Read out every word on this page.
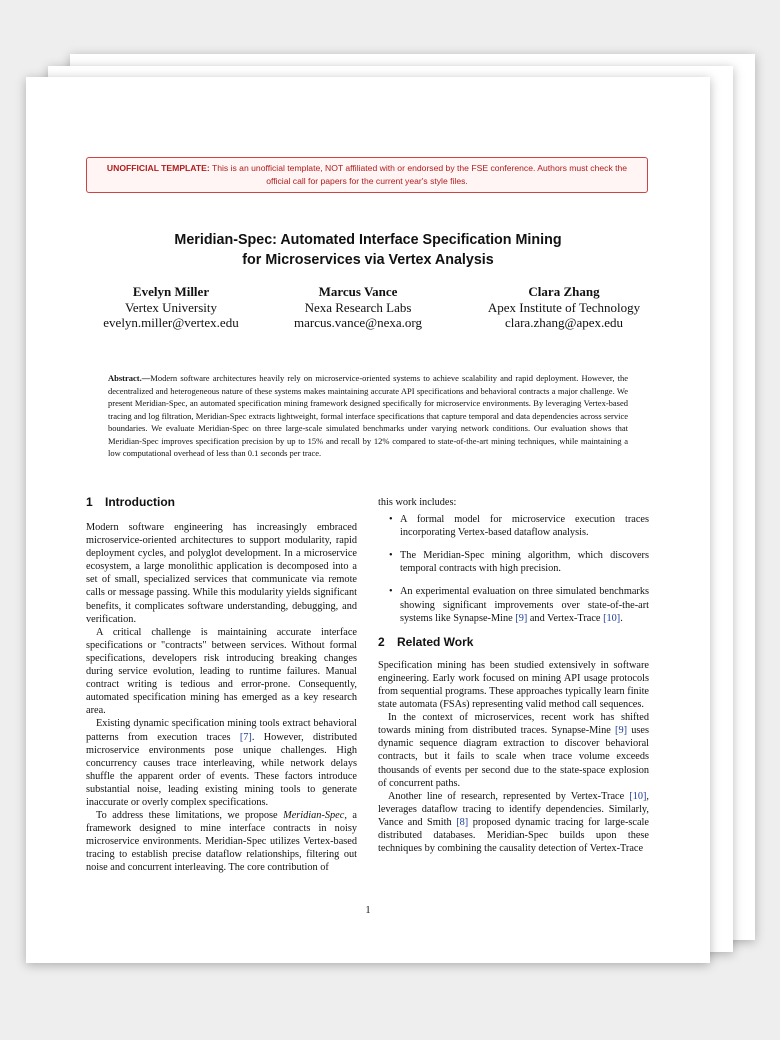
UNOFFICIAL TEMPLATE: This is an unofficial template, NOT affiliated with or endorsed by the FSE conference. Authors must check the official call for papers for the current year's style files.
Meridian-Spec: Automated Interface Specification Mining
for Microservices via Vertex Analysis
Evelyn Miller
Vertex University
evelyn.miller@vertex.edu
Marcus Vance
Nexa Research Labs
marcus.vance@nexa.org
Clara Zhang
Apex Institute of Technology
clara.zhang@apex.edu
Abstract.—Modern software architectures heavily rely on microservice-oriented systems to achieve scalability and rapid deployment. However, the decentralized and heterogeneous nature of these systems makes maintaining accurate API specifications and behavioral contracts a major challenge. We present Meridian-Spec, an automated specification mining framework designed specifically for microservice environments. By leveraging Vertex-based tracing and log filtration, Meridian-Spec extracts lightweight, formal interface specifications that capture temporal and data dependencies across service boundaries. We evaluate Meridian-Spec on three large-scale simulated benchmarks under varying network conditions. Our evaluation shows that Meridian-Spec improves specification precision by up to 15% and recall by 12% compared to state-of-the-art mining techniques, while maintaining a low computational overhead of less than 0.1 seconds per trace.
1 Introduction

Modern software engineering has increasingly embraced microservice-oriented architectures to support modularity, rapid deployment cycles, and polyglot development. In a microservice ecosystem, a large monolithic application is decomposed into a set of small, specialized services that communicate via remote calls or message passing. While this modularity yields significant benefits, it complicates software understanding, debugging, and verification.

A critical challenge is maintaining accurate interface specifications or "contracts" between services. Without formal specifications, developers risk introducing breaking changes during service evolution, leading to runtime failures. Manual contract writing is tedious and error-prone. Consequently, automated specification mining has emerged as a key research area.

Existing dynamic specification mining tools extract behavioral patterns from execution traces [7]. However, distributed microservice environments pose unique challenges. High concurrency causes trace interleaving, while network delays shuffle the apparent order of events. These factors introduce substantial noise, leading existing mining tools to generate inaccurate or overly complex specifications.

To address these limitations, we propose Meridian-Spec, a framework designed to mine interface contracts in noisy microservice environments. Meridian-Spec utilizes Vertex-based tracing to establish precise dataflow relationships, filtering out noise and concurrent interleaving. The core contribution of

this work includes:

• A formal model for microservice execution traces incorporating Vertex-based dataflow analysis.
• The Meridian-Spec mining algorithm, which discovers temporal contracts with high precision.
• An experimental evaluation on three simulated benchmarks showing significant improvements over state-of-the-art systems like Synapse-Mine [9] and Vertex-Trace [10].
2 Related Work

Specification mining has been studied extensively in software engineering. Early work focused on mining API usage protocols from sequential programs. These approaches typically learn finite state automata (FSAs) representing valid method call sequences.

In the context of microservices, recent work has shifted towards mining from distributed traces. Synapse-Mine [9] uses dynamic sequence diagram extraction to discover behavioral contracts, but it fails to scale when trace volume exceeds thousands of events per second due to the state-space explosion of concurrent paths.

Another line of research, represented by Vertex-Trace [10], leverages dataflow tracing to identify dependencies. Similarly, Vance and Smith [8] proposed dynamic tracing for large-scale distributed databases. Meridian-Spec builds upon these techniques by combining the causality detection of Vertex-Trace

1
